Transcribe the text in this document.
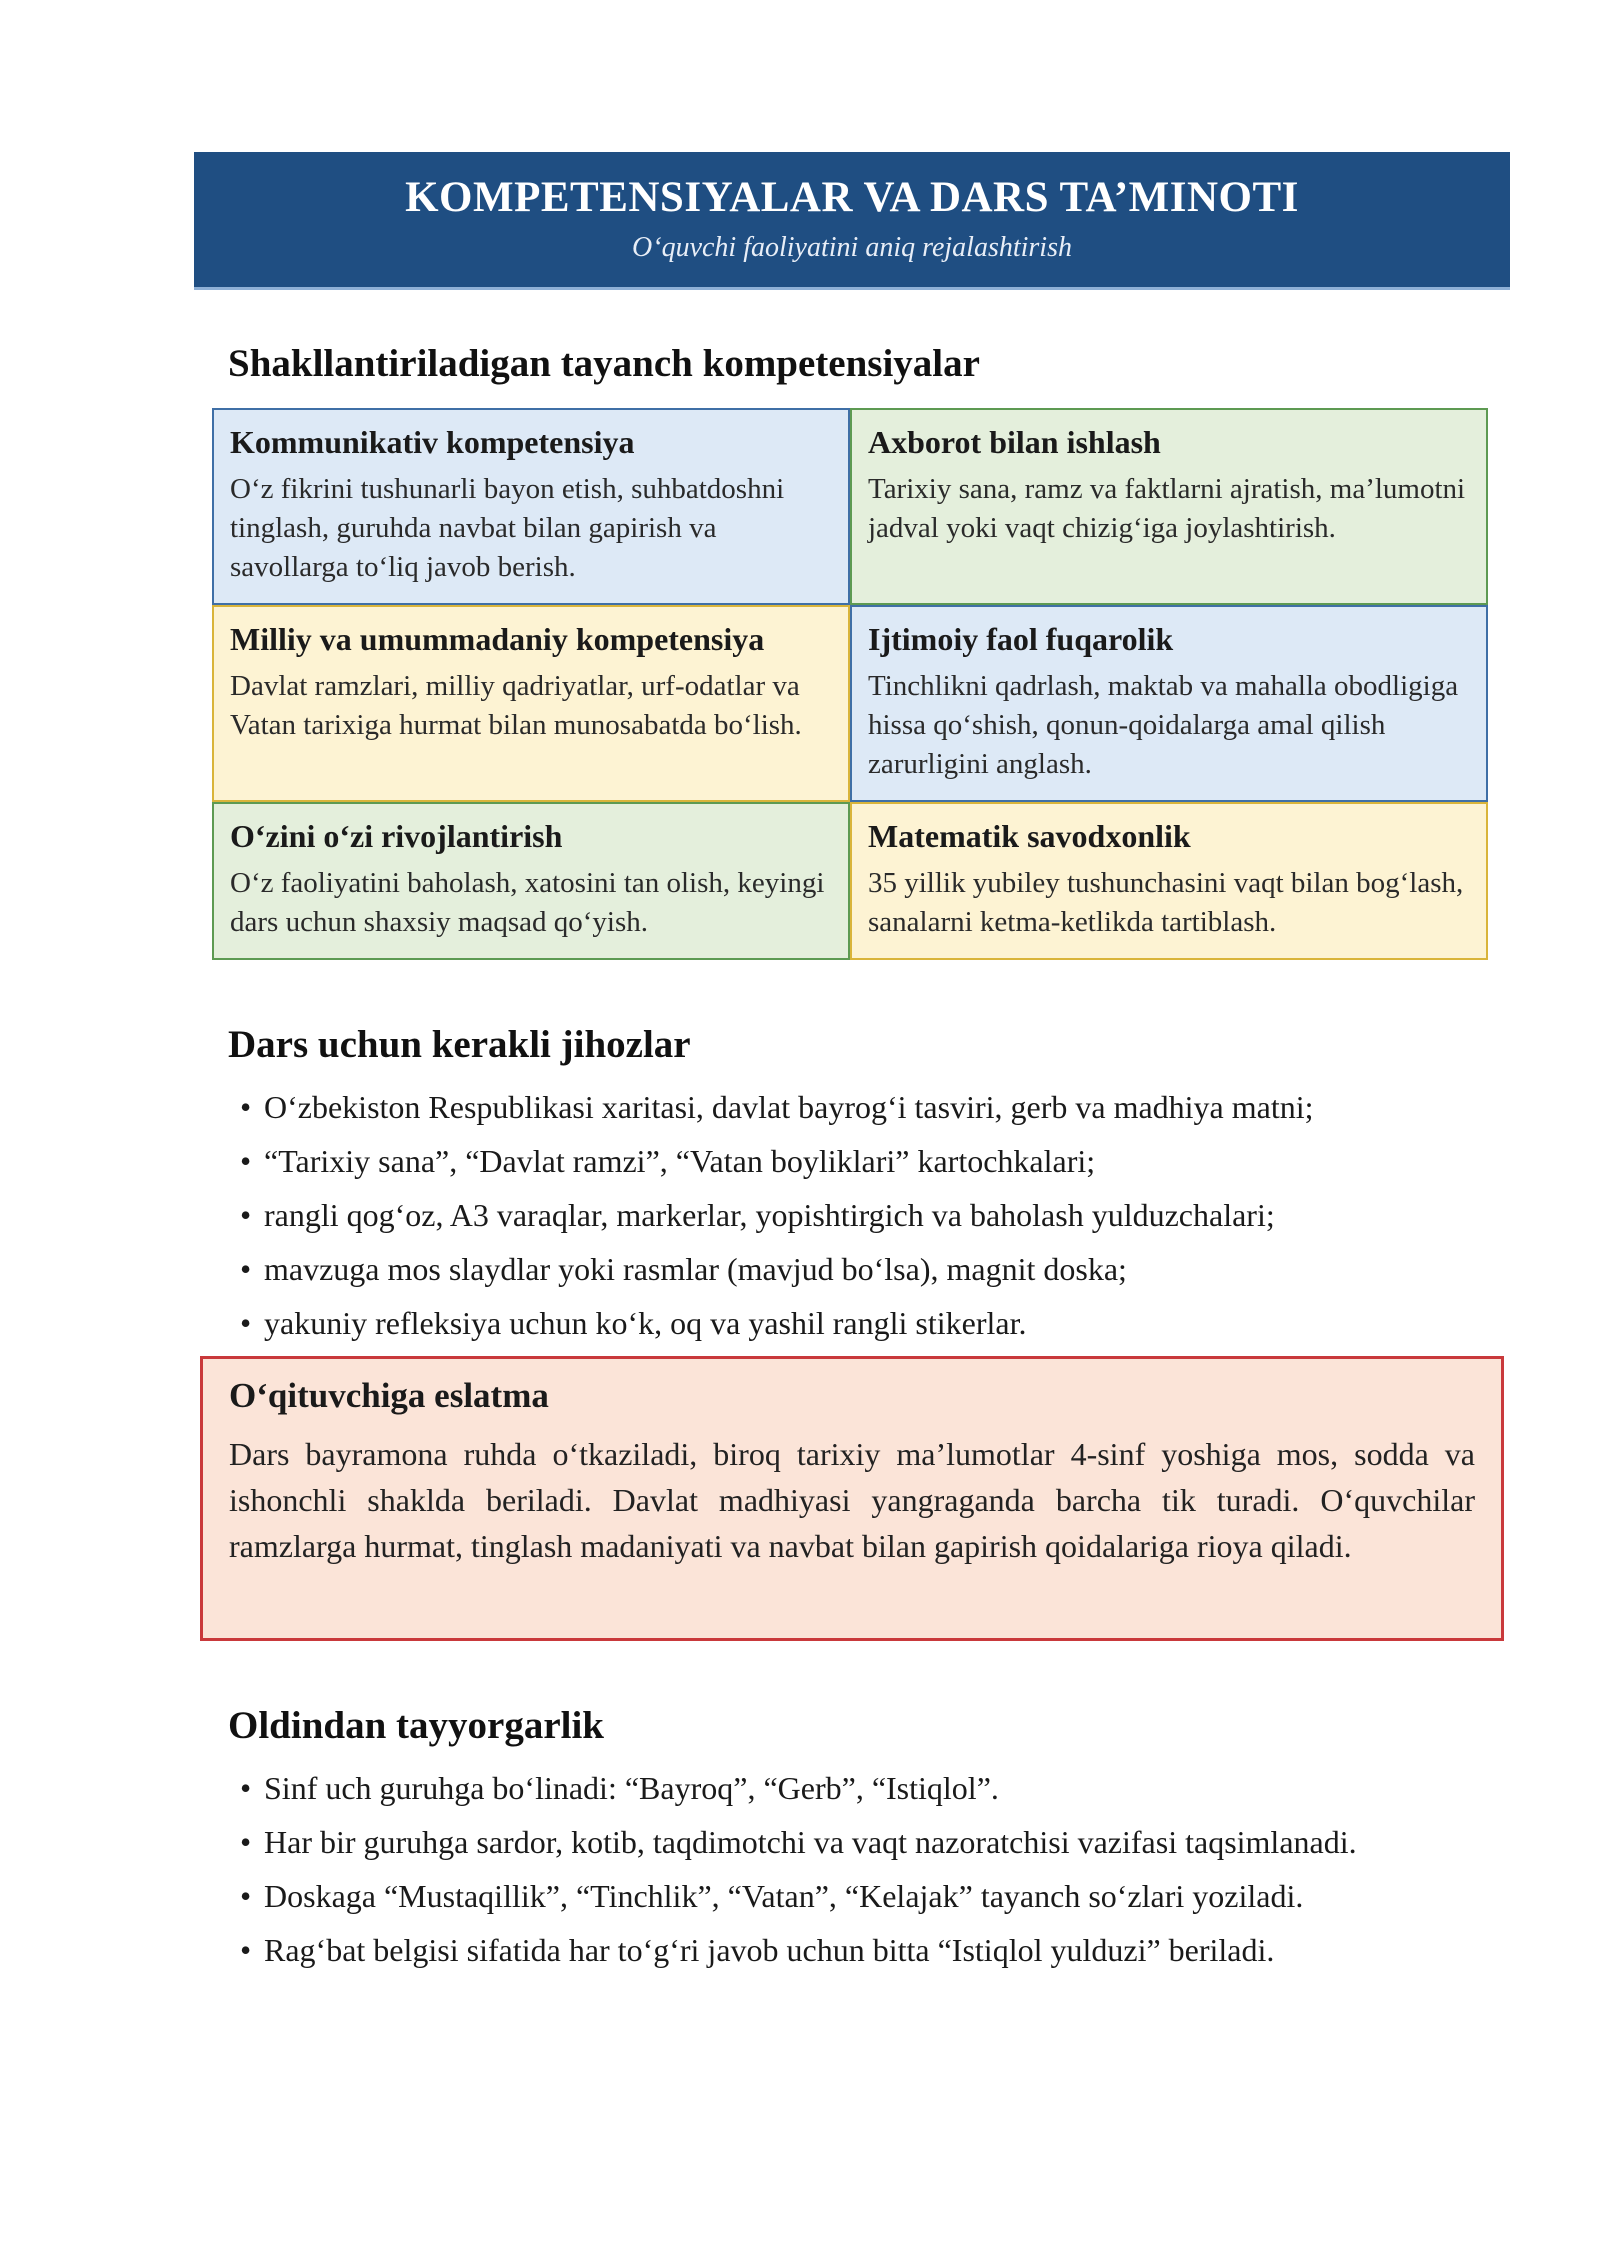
KOMPETENSIYALAR VA DARS TA’MINOTI
O‘quvchi faoliyatini aniq rejalashtirish
Shakllantiriladigan tayanch kompetensiyalar
Kommunikativ kompetensiya
O‘z fikrini tushunarli bayon etish, suhbatdoshni tinglash, guruhda navbat bilan gapirish va savollarga to‘liq javob berish.
Axborot bilan ishlash
Tarixiy sana, ramz va faktlarni ajratish, ma’lumotni jadval yoki vaqt chizig‘iga joylashtirish.
Milliy va umummadaniy kompetensiya
Davlat ramzlari, milliy qadriyatlar, urf-odatlar va Vatan tarixiga hurmat bilan munosabatda bo‘lish.
Ijtimoiy faol fuqarolik
Tinchlikni qadrlash, maktab va mahalla obodligiga hissa qo‘shish, qonun-qoidalarga amal qilish zarurligini anglash.
O‘zini o‘zi rivojlantirish
O‘z faoliyatini baholash, xatosini tan olish, keyingi dars uchun shaxsiy maqsad qo‘yish.
Matematik savodxonlik
35 yillik yubiley tushunchasini vaqt bilan bog‘lash, sanalarni ketma-ketlikda tartiblash.
Dars uchun kerakli jihozlar
• O‘zbekiston Respublikasi xaritasi, davlat bayrog‘i tasviri, gerb va madhiya matni;
• “Tarixiy sana”, “Davlat ramzi”, “Vatan boyliklari” kartochkalari;
• rangli qog‘oz, A3 varaqlar, markerlar, yopishtirgich va baholash yulduzchalari;
• mavzuga mos slaydlar yoki rasmlar (mavjud bo‘lsa), magnit doska;
• yakuniy refleksiya uchun ko‘k, oq va yashil rangli stikerlar.
O‘qituvchiga eslatma
Dars bayramona ruhda o‘tkaziladi, biroq tarixiy ma’lumotlar 4-sinf yoshiga mos, sodda va ishonchli shaklda beriladi. Davlat madhiyasi yangraganda barcha tik turadi. O‘quvchilar ramzlarga hurmat, tinglash madaniyati va navbat bilan gapirish qoidalariga rioya qiladi.
Oldindan tayyorgarlik
• Sinf uch guruhga bo‘linadi: “Bayroq”, “Gerb”, “Istiqlol”.
• Har bir guruhga sardor, kotib, taqdimotchi va vaqt nazoratchisi vazifasi taqsimlanadi.
• Doskaga “Mustaqillik”, “Tinchlik”, “Vatan”, “Kelajak” tayanch so‘zlari yoziladi.
• Rag‘bat belgisi sifatida har to‘g‘ri javob uchun bitta “Istiqlol yulduzi” beriladi.
